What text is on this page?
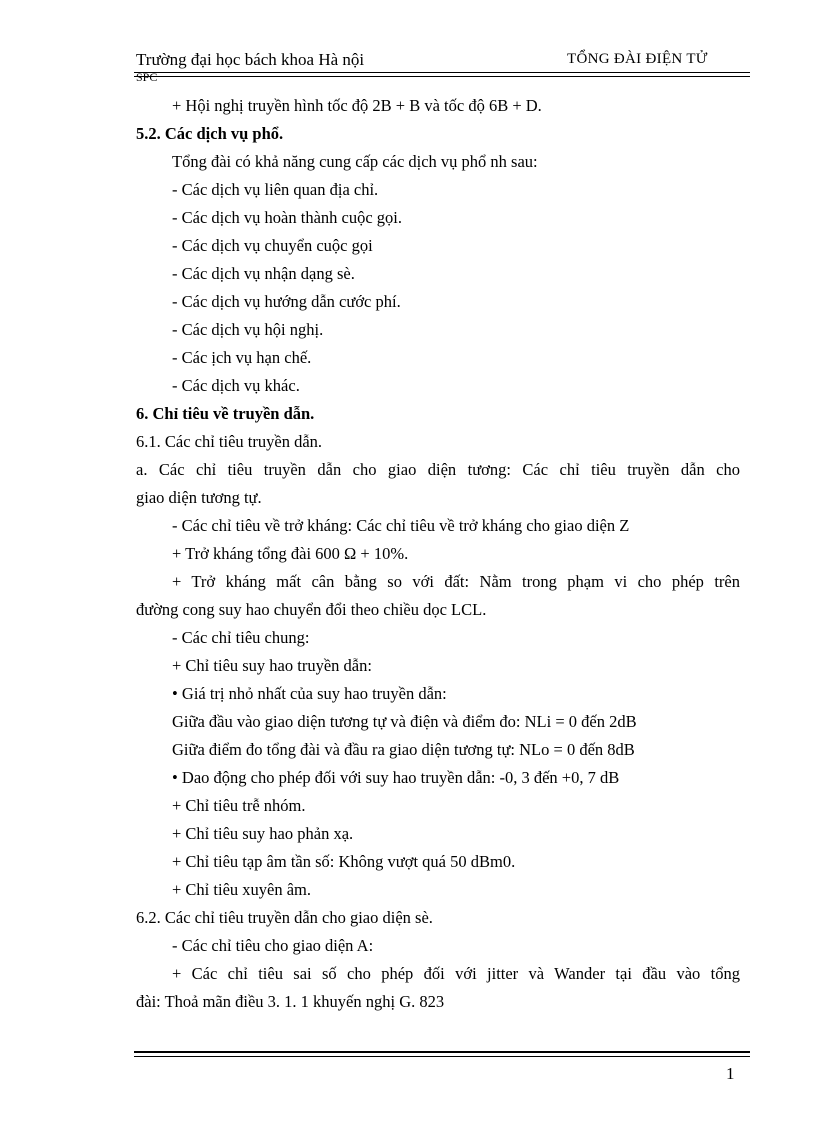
Trường đại học bách khoa Hà nội	TỔNG ĐÀI ĐIỆN TỬ
SPC
+ Hội nghị truyền hình tốc độ 2B + B và tốc độ 6B + D.
5.2. Các dịch vụ phổ.
Tổng đài có khả năng cung cấp các dịch vụ phổ nh sau:
- Các dịch vụ liên quan địa chỉ.
- Các dịch vụ hoàn thành cuộc gọi.
- Các dịch vụ chuyển cuộc gọi
- Các dịch vụ nhận dạng sè.
- Các dịch vụ hướng dẫn cước phí.
- Các dịch vụ hội nghị.
- Các ịch vụ hạn chế.
- Các dịch vụ khác.
6. Chỉ tiêu về truyền dẫn.
6.1. Các chỉ tiêu truyền dẫn.
a. Các chỉ tiêu truyền dẫn cho giao diện tương: Các chỉ tiêu truyền dẫn cho
giao diện tương tự.
- Các chỉ tiêu về trở kháng: Các chỉ tiêu về trở kháng cho giao diện Z
+ Trở kháng tổng đài 600 Ω + 10%.
+ Trở kháng mất cân bằng so với đất: Nằm trong phạm vi cho phép trên
đường cong suy hao chuyển đổi theo chiều dọc LCL.
- Các chỉ tiêu chung:
+ Chỉ tiêu suy hao truyền dẫn:
• Giá trị nhỏ nhất của suy hao truyền dẫn:
Giữa đầu vào giao diện tương tự và điện và điểm đo: NLi = 0 đến 2dB
Giữa điểm đo tổng đài và đầu ra giao diện tương tự: NLo = 0 đến 8dB
• Dao động cho phép đối với suy hao truyền dẫn: -0, 3 đến +0, 7 dB
+ Chỉ tiêu trễ nhóm.
+ Chỉ tiêu suy hao phản xạ.
+ Chỉ tiêu tạp âm tần số: Không vượt quá 50 dBm0.
+ Chỉ tiêu xuyên âm.
6.2. Các chỉ tiêu truyền dẫn cho giao diện sè.
- Các chỉ tiêu cho giao diện A:
+ Các chỉ tiêu sai số cho phép đối với jitter và Wander tại đầu vào tổng
đài: Thoả mãn điều 3. 1. 1 khuyến nghị G. 823
1
